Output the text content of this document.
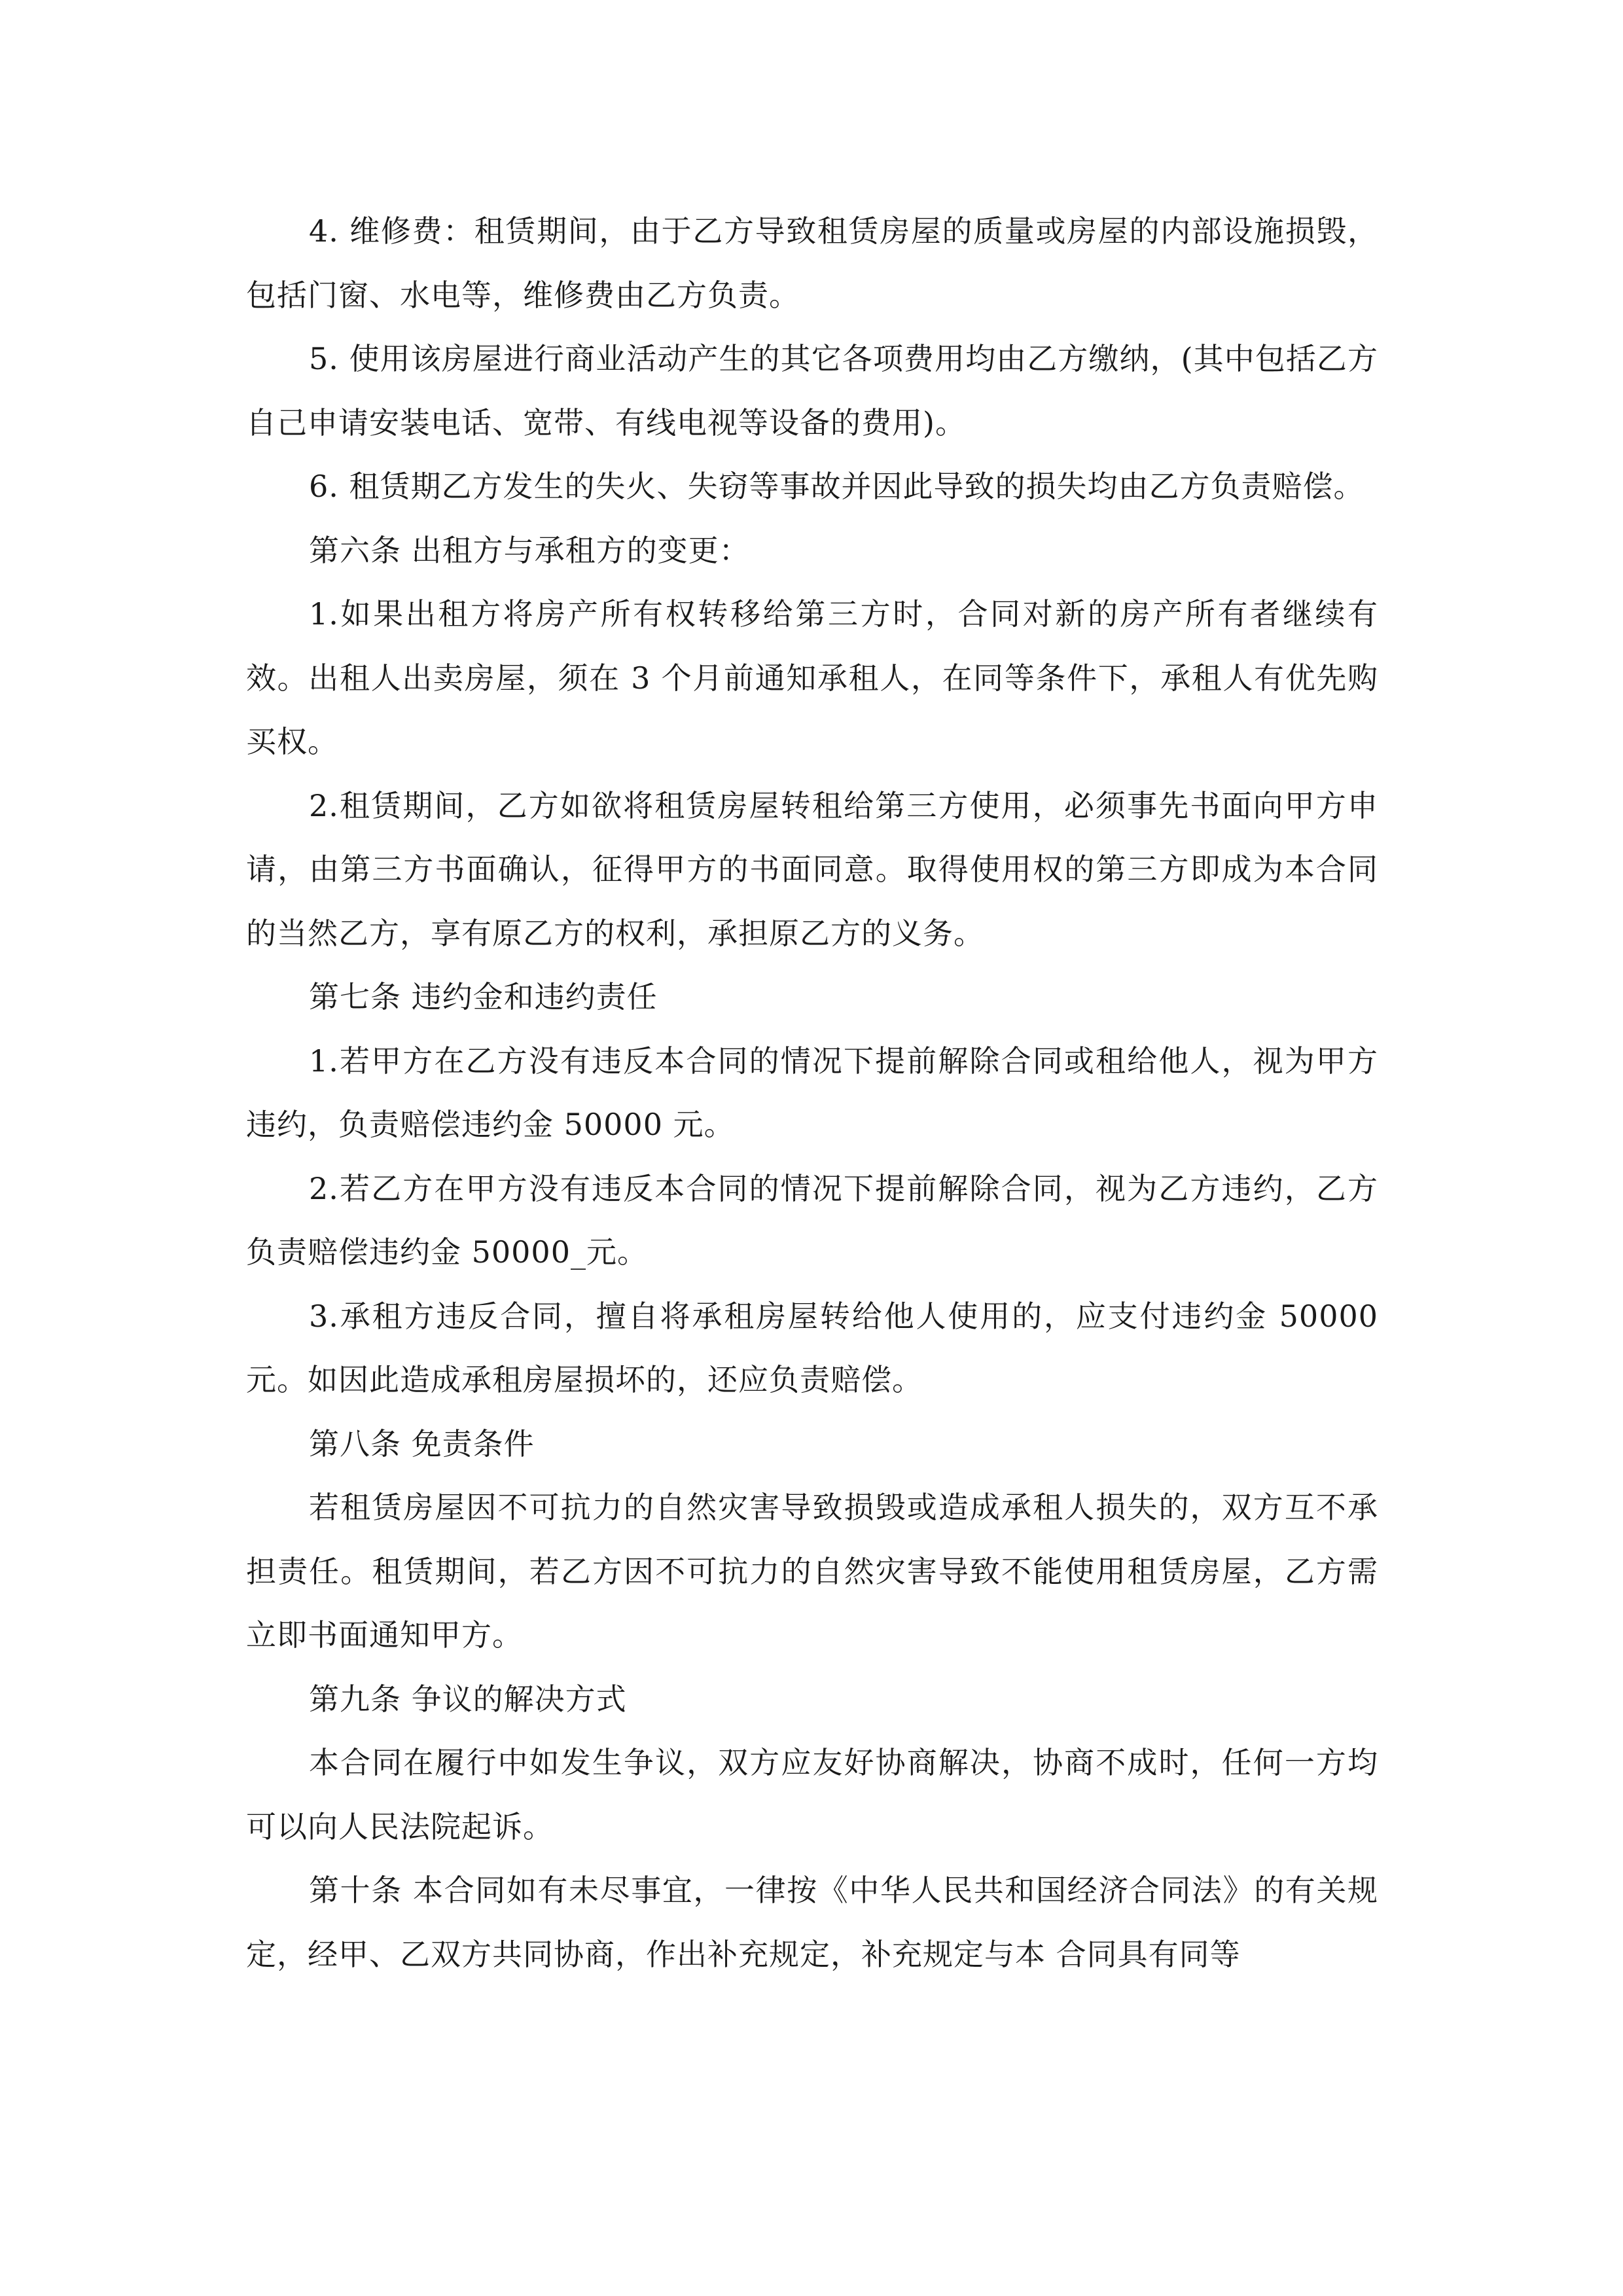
4. 维修费：租赁期间，由于乙方导致租赁房屋的质量或房屋的内部设施损毁，包括门窗、水电等，维修费由乙方负责。

5. 使用该房屋进行商业活动产生的其它各项费用均由乙方缴纳，(其中包括乙方自己申请安装电话、宽带、有线电视等设备的费用)。

6. 租赁期乙方发生的失火、失窃等事故并因此导致的损失均由乙方负责赔偿。

第六条 出租方与承租方的变更：

1.如果出租方将房产所有权转移给第三方时，合同对新的房产所有者继续有效。出租人出卖房屋，须在 3 个月前通知承租人，在同等条件下，承租人有优先购买权。

2.租赁期间，乙方如欲将租赁房屋转租给第三方使用，必须事先书面向甲方申请，由第三方书面确认，征得甲方的书面同意。取得使用权的第三方即成为本合同的当然乙方，享有原乙方的权利，承担原乙方的义务。

第七条 违约金和违约责任

1.若甲方在乙方没有违反本合同的情况下提前解除合同或租给他人，视为甲方违约，负责赔偿违约金 50000 元。

2.若乙方在甲方没有违反本合同的情况下提前解除合同，视为乙方违约，乙方负责赔偿违约金 50000_元。

3.承租方违反合同，擅自将承租房屋转给他人使用的，应支付违约金 50000 元。如因此造成承租房屋损坏的，还应负责赔偿。

第八条 免责条件

若租赁房屋因不可抗力的自然灾害导致损毁或造成承租人损失的，双方互不承担责任。租赁期间，若乙方因不可抗力的自然灾害导致不能使用租赁房屋，乙方需立即书面通知甲方。

第九条 争议的解决方式

本合同在履行中如发生争议，双方应友好协商解决，协商不成时，任何一方均可以向人民法院起诉。

第十条 本合同如有未尽事宜，一律按《中华人民共和国经济合同法》的有关规定，经甲、乙双方共同协商，作出补充规定，补充规定与本 合同具有同等
